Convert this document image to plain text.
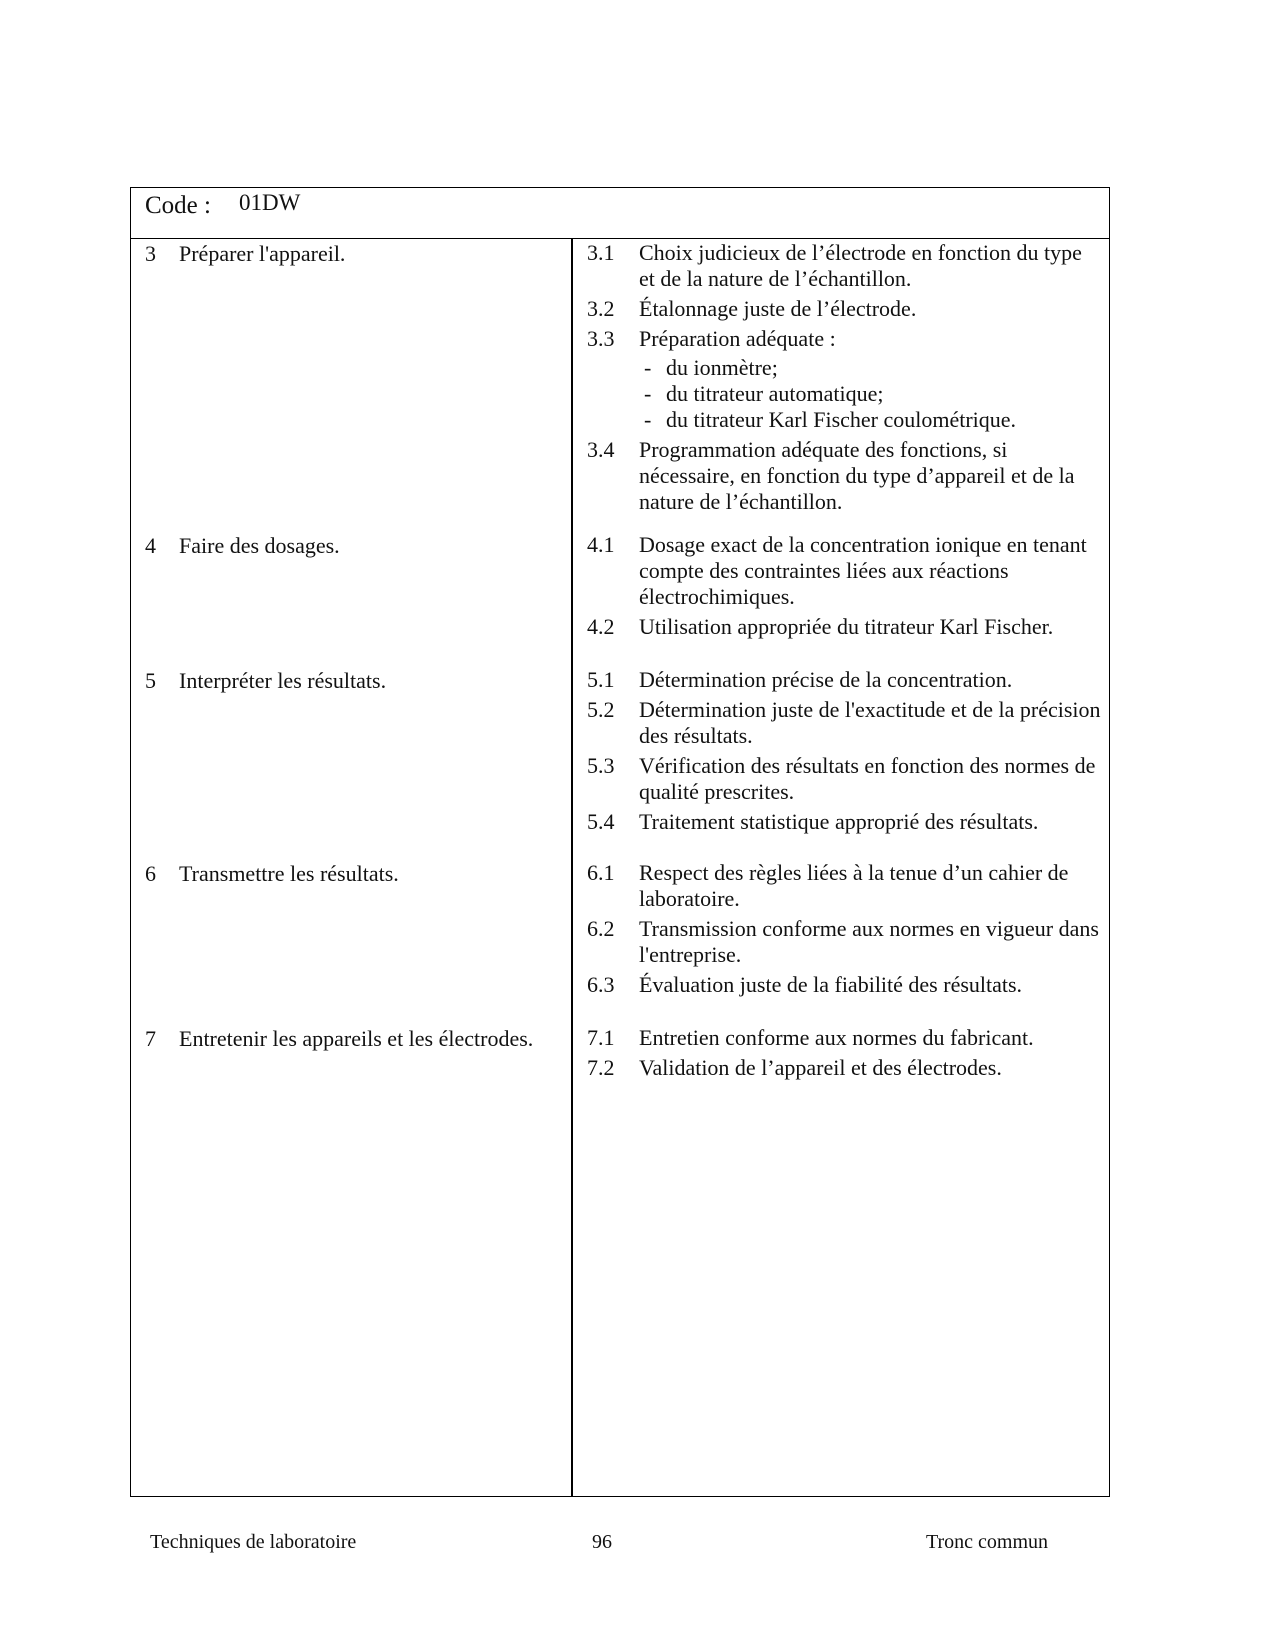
Code : 01DW
3 Préparer l'appareil.
4 Faire des dosages.
5 Interpréter les résultats.
6 Transmettre les résultats.
7 Entretenir les appareils et les électrodes.
3.1 Choix judicieux de l’électrode en fonction du type et de la nature de l’échantillon.
3.2 Étalonnage juste de l’électrode.
3.3 Préparation adéquate :
- du ionmètre;
- du titrateur automatique;
- du titrateur Karl Fischer coulométrique.
3.4 Programmation adéquate des fonctions, si nécessaire, en fonction du type d’appareil et de la nature de l’échantillon.
4.1 Dosage exact de la concentration ionique en tenant compte des contraintes liées aux réactions électrochimiques.
4.2 Utilisation appropriée du titrateur Karl Fischer.
5.1 Détermination précise de la concentration.
5.2 Détermination juste de l'exactitude et de la précision des résultats.
5.3 Vérification des résultats en fonction des normes de qualité prescrites.
5.4 Traitement statistique approprié des résultats.
6.1 Respect des règles liées à la tenue d’un cahier de laboratoire.
6.2 Transmission conforme aux normes en vigueur dans l'entreprise.
6.3 Évaluation juste de la fiabilité des résultats.
7.1 Entretien conforme aux normes du fabricant.
7.2 Validation de l’appareil et des électrodes.
Techniques de laboratoire	96	Tronc commun
